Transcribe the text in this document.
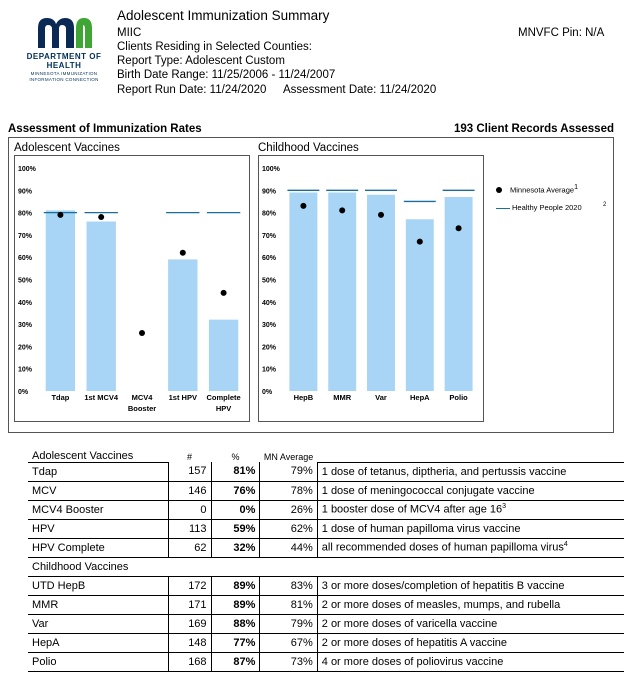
DEPARTMENT OF HEALTH
MINNESOTA IMMUNIZATION INFORMATION CONNECTION
Adolescent Immunization Summary
MIIC
Clients Residing in Selected Counties:
Report Type: Adolescent Custom
Birth Date Range: 11/25/2006 - 11/24/2007
Report Run Date: 11/24/2020 Assessment Date: 11/24/2020
MNVFC Pin: N/A
Assessment of Immunization Rates	193 Client Records Assessed
Adolescent Vaccines
0%
10%
20%
30%
40%
50%
60%
70%
80%
90%
100%
Tdap 1st MCV4 MCV4
Booster
1st HPV Complete
HPV
Childhood Vaccines
0%
10%
20%
30%
40%
50%
60%
70%
80%
90%
100%
HepB	MMR	Var	HepA	Polio
Minnesota Average$^1$
Healthy People 2020	2
Adolescent Vaccines	#	%	MN Average	
Tdap	157	81%	79%	1 dose of tetanus, diptheria, and pertussis vaccine
MCV	146	76%	78%	1 dose of meningococcal conjugate vaccine
MCV4 Booster	0	0%	26%	1 booster dose of MCV4 after age $16^3$
HPV	113	59%	62%	1 dose of human papilloma virus vaccine
HPV Complete	62	32%	44%	all recommended doses of human papilloma virus$^4$
Childhood Vaccines				
UTD HepB	172	89%	83%	3 or more doses/completion of hepatitis B vaccine
MMR	171	89%	81%	2 or more doses of measles, mumps, and rubella
Var	169	88%	79%	2 or more doses of varicella vaccine
HepA	148	77%	67%	2 or more doses of hepatitis A vaccine
Polio	168	87%	73%	4 or more doses of poliovirus vaccine
